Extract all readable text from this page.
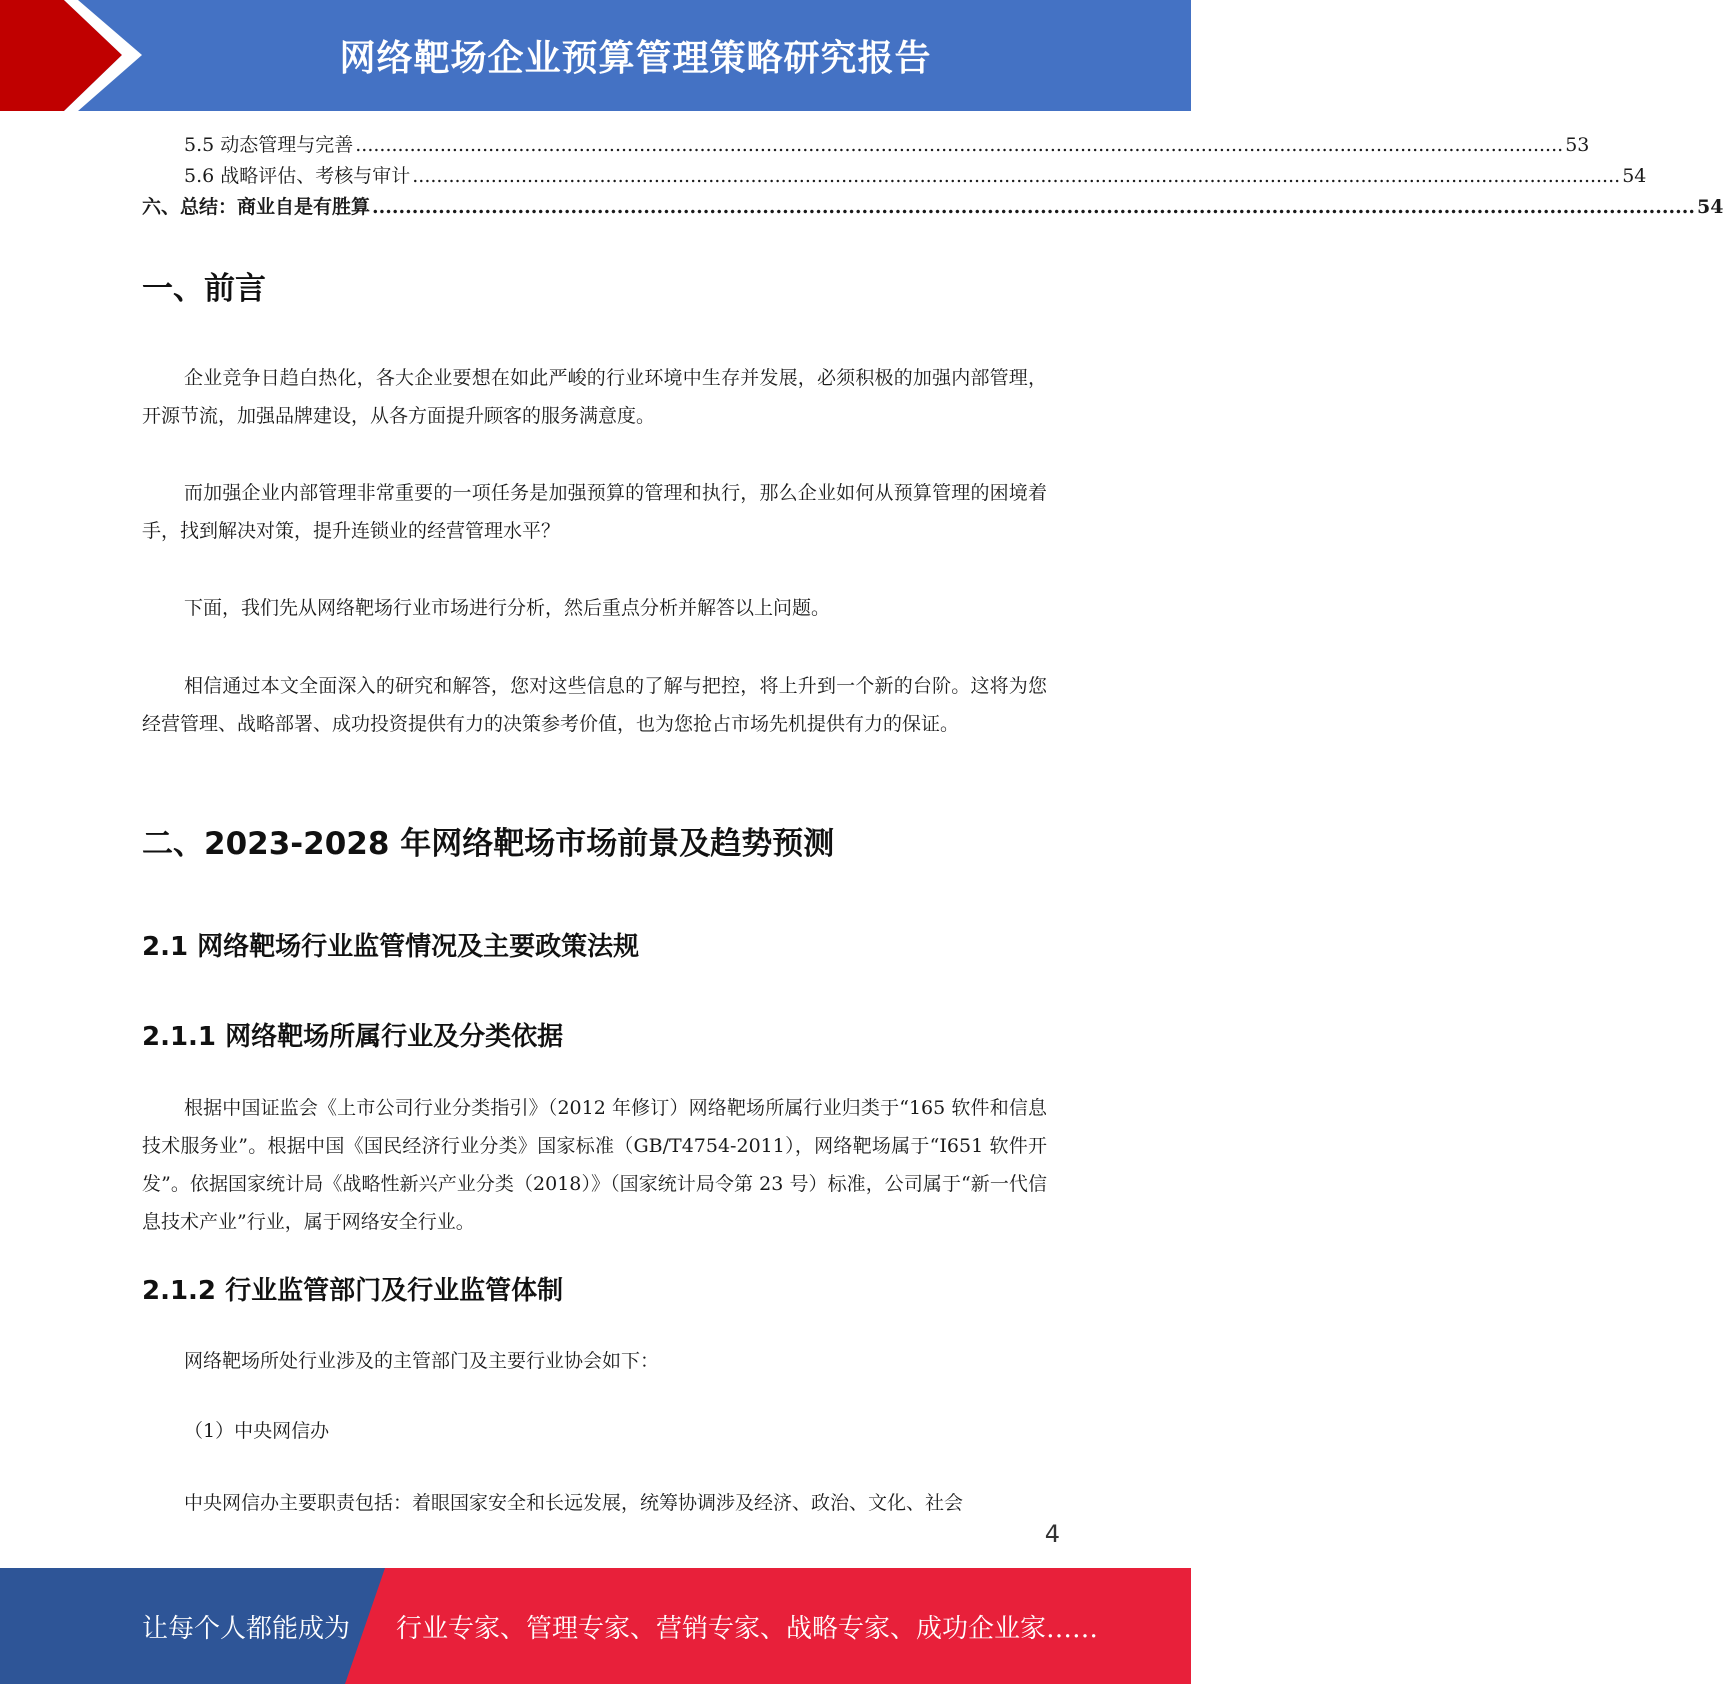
网络靶场企业预算管理策略研究报告
5.5 动态管理与完善 ........................................................................................................................................................................................................ 53
5.6 战略评估、考核与审计 ........................................................................................................................................................................................................ 54
六、总结：商业自是有胜算 ........................................................................................................................................................................................................ 54
一、前言
企业竞争日趋白热化，各大企业要想在如此严峻的行业环境中生存并发展，必须积极的加强内部管理，开源节流，加强品牌建设，从各方面提升顾客的服务满意度。
而加强企业内部管理非常重要的一项任务是加强预算的管理和执行，那么企业如何从预算管理的困境着手，找到解决对策，提升连锁业的经营管理水平？
下面，我们先从网络靶场行业市场进行分析，然后重点分析并解答以上问题。
相信通过本文全面深入的研究和解答，您对这些信息的了解与把控，将上升到一个新的台阶。这将为您经营管理、战略部署、成功投资提供有力的决策参考价值，也为您抢占市场先机提供有力的保证。
二、2023-2028 年网络靶场市场前景及趋势预测
2.1 网络靶场行业监管情况及主要政策法规
2.1.1 网络靶场所属行业及分类依据
根据中国证监会《上市公司行业分类指引》（2012 年修订）网络靶场所属行业归类于“165 软件和信息技术服务业”。根据中国《国民经济行业分类》国家标准（GB/T4754-2011），网络靶场属于“I651 软件开发”。依据国家统计局《战略性新兴产业分类（2018）》（国家统计局令第 23 号）标准，公司属于“新一代信息技术产业”行业，属于网络安全行业。
2.1.2 行业监管部门及行业监管体制
网络靶场所处行业涉及的主管部门及主要行业协会如下：
（1）中央网信办
中央网信办主要职责包括：着眼国家安全和长远发展，统筹协调涉及经济、政治、文化、社会
4
让每个人都能成为 行业专家、管理专家、营销专家、战略专家、成功企业家……
